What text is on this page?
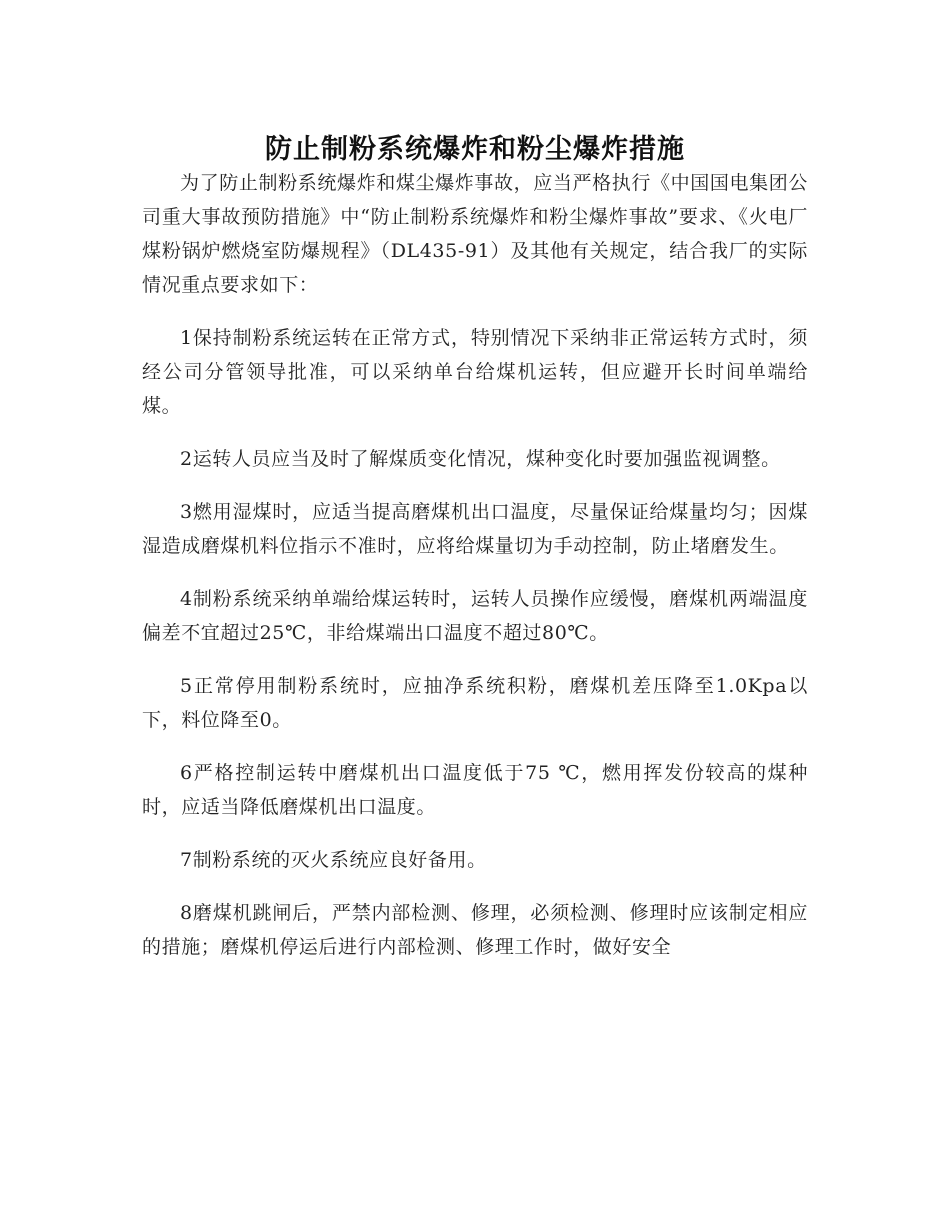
防止制粉系统爆炸和粉尘爆炸措施

为了防止制粉系统爆炸和煤尘爆炸事故，应当严格执行《中国国电集团公司重大事故预防措施》中“防止制粉系统爆炸和粉尘爆炸事故”要求、《火电厂煤粉锅炉燃烧室防爆规程》（DL435-91）及其他有关规定，结合我厂的实际情况重点要求如下：

1保持制粉系统运转在正常方式，特别情况下采纳非正常运转方式时，须经公司分管领导批准，可以采纳单台给煤机运转，但应避开长时间单端给煤。

2运转人员应当及时了解煤质变化情况，煤种变化时要加强监视调整。

3燃用湿煤时，应适当提高磨煤机出口温度，尽量保证给煤量均匀；因煤湿造成磨煤机料位指示不准时，应将给煤量切为手动控制，防止堵磨发生。

4制粉系统采纳单端给煤运转时，运转人员操作应缓慢，磨煤机两端温度偏差不宜超过25℃，非给煤端出口温度不超过80℃。

5正常停用制粉系统时，应抽净系统积粉，磨煤机差压降至1.0Kpa以下，料位降至0。

6严格控制运转中磨煤机出口温度低于75 ℃，燃用挥发份较高的煤种时，应适当降低磨煤机出口温度。

7制粉系统的灭火系统应良好备用。

8磨煤机跳闸后，严禁内部检测、修理，必须检测、修理时应该制定相应的措施；磨煤机停运后进行内部检测、修理工作时，做好安全
